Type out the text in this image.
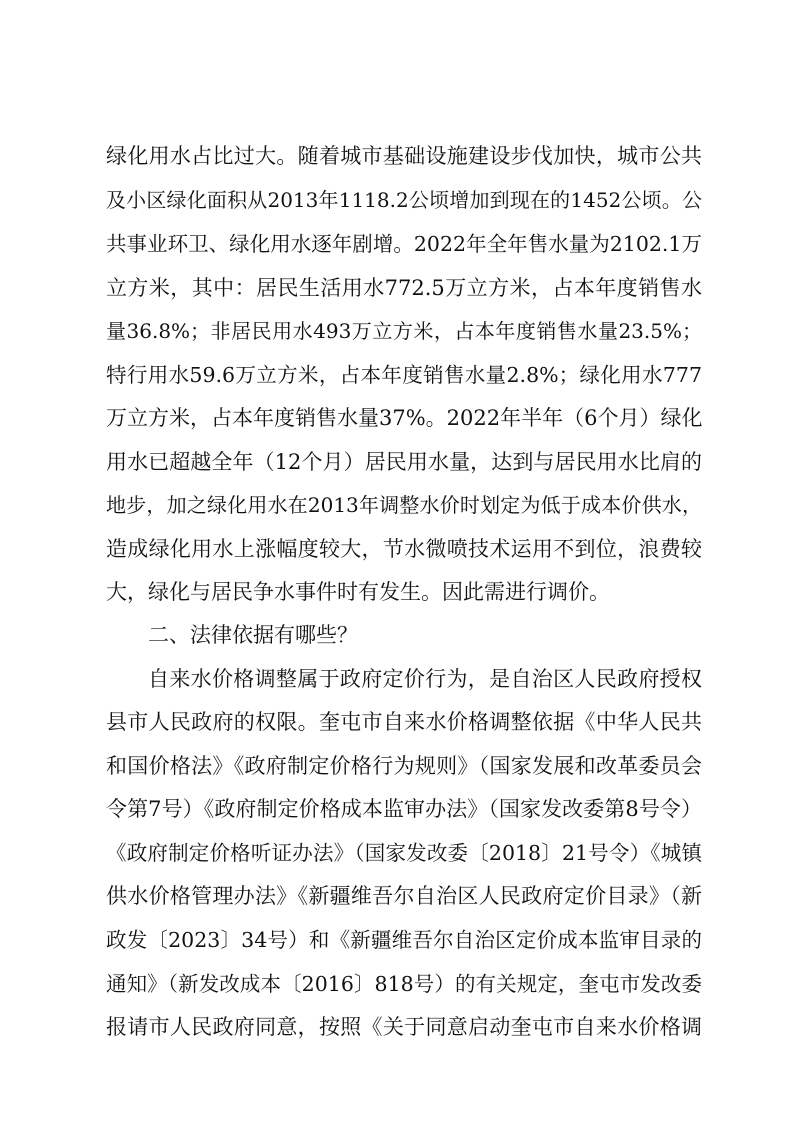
绿化用水占比过大。随着城市基础设施建设步伐加快，城市公共
及小区绿化面积从2013年1118.2公顷增加到现在的1452公顷。公
共事业环卫、绿化用水逐年剧增。2022年全年售水量为2102.1万
立方米，其中：居民生活用水772.5万立方米，占本年度销售水
量36.8%；非居民用水493万立方米，占本年度销售水量23.5%；
特行用水59.6万立方米，占本年度销售水量2.8%；绿化用水777
万立方米，占本年度销售水量37%。2022年半年（6个月）绿化
用水已超越全年（12个月）居民用水量，达到与居民用水比肩的
地步，加之绿化用水在2013年调整水价时划定为低于成本价供水，
造成绿化用水上涨幅度较大，节水微喷技术运用不到位，浪费较
大，绿化与居民争水事件时有发生。因此需进行调价。
二、法律依据有哪些？
自来水价格调整属于政府定价行为，是自治区人民政府授权
县市人民政府的权限。奎屯市自来水价格调整依据《中华人民共
和国价格法》《政府制定价格行为规则》（国家发展和改革委员会
令第7号）《政府制定价格成本监审办法》（国家发改委第8号令）
《政府制定价格听证办法》（国家发改委〔2018〕21号令）《城镇
供水价格管理办法》《新疆维吾尔自治区人民政府定价目录》（新
政发〔2023〕34号）和《新疆维吾尔自治区定价成本监审目录的
通知》（新发改成本〔2016〕818号）的有关规定，奎屯市发改委
报请市人民政府同意，按照《关于同意启动奎屯市自来水价格调
